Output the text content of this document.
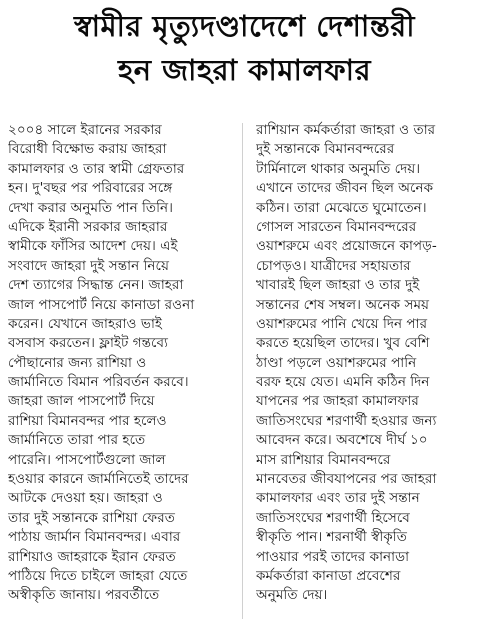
স্বামীর মৃত্যুদণ্ডাদেশে দেশান্তরী
হন জাহরা কামালফার
২০০৪ সালে ইরানের সরকার
বিরোধী বিক্ষোভ করায় জাহরা
কামালফার ও তার স্বামী গ্রেফতার
হন। দু'বছর পর পরিবারের সঙ্গে
দেখা করার অনুমতি পান তিনি।
এদিকে ইরানী সরকার জাহরার
স্বামীকে ফাঁসির আদেশ দেয়। এই
সংবাদে জাহরা দুই সন্তান নিয়ে
দেশ ত্যাগের সিদ্ধান্ত নেন। জাহরা
জাল পাসপোর্ট নিয়ে কানাডা রওনা
করেন। যেখানে জাহরাও ভাই
বসবাস করতেন। ফ্লাইট গন্তব্যে
পৌছানোর জন্য রাশিয়া ও
জার্মানিতে বিমান পরিবর্তন করবে।
জাহরা জাল পাসপোর্ট দিয়ে
রাশিয়া বিমানবন্দর পার হলেও
জার্মানিতে তারা পার হতে
পারেনি। পাসপোর্টগুলো জাল
হওয়ার কারনে জার্মানিতেই তাদের
আটকে দেওয়া হয়। জাহরা ও
তার দুই সন্তানকে রাশিয়া ফেরত
পাঠায় জার্মান বিমানবন্দর। এবার
রাশিয়াও জাহরাকে ইরান ফেরত
পাঠিয়ে দিতে চাইলে জাহরা যেতে
অস্বীকৃতি জানায়। পরবর্তীতে
রাশিয়ান কর্মকর্তারা জাহরা ও তার
দুই সন্তানকে বিমানবন্দরের
টার্মিনালে থাকার অনুমতি দেয়।
এখানে তাদের জীবন ছিল অনেক
কঠিন। তারা মেঝেতে ঘুমোতেন।
গোসল সারতেন বিমানবন্দরের
ওয়াশরুমে এবং প্রয়োজনে কাপড়-
চোপড়ও। যাত্রীদের সহায়তার
খাবারই ছিল জাহরা ও তার দুই
সন্তানের শেষ সম্বল। অনেক সময়
ওয়াশরুমের পানি খেয়ে দিন পার
করতে হয়েছিল তাদের। খুব বেশি
ঠাণ্ডা পড়লে ওয়াশরুমের পানি
বরফ হয়ে যেত। এমনি কঠিন দিন
যাপনের পর জাহরা কামালফার
জাতিসংঘের শরণার্থী হওয়ার জন্য
আবেদন করে। অবশেষে দীর্ঘ ১০
মাস রাশিয়ার বিমানবন্দরে
মানবেতর জীবযাপনের পর জাহরা
কামালফার এবং তার দুই সন্তান
জাতিসংঘের শরণার্থী হিসেবে
স্বীকৃতি পান। শরনার্থী স্বীকৃতি
পাওয়ার পরই তাদের কানাডা
কর্মকর্তারা কানাডা প্রবেশের
অনুমতি দেয়।
